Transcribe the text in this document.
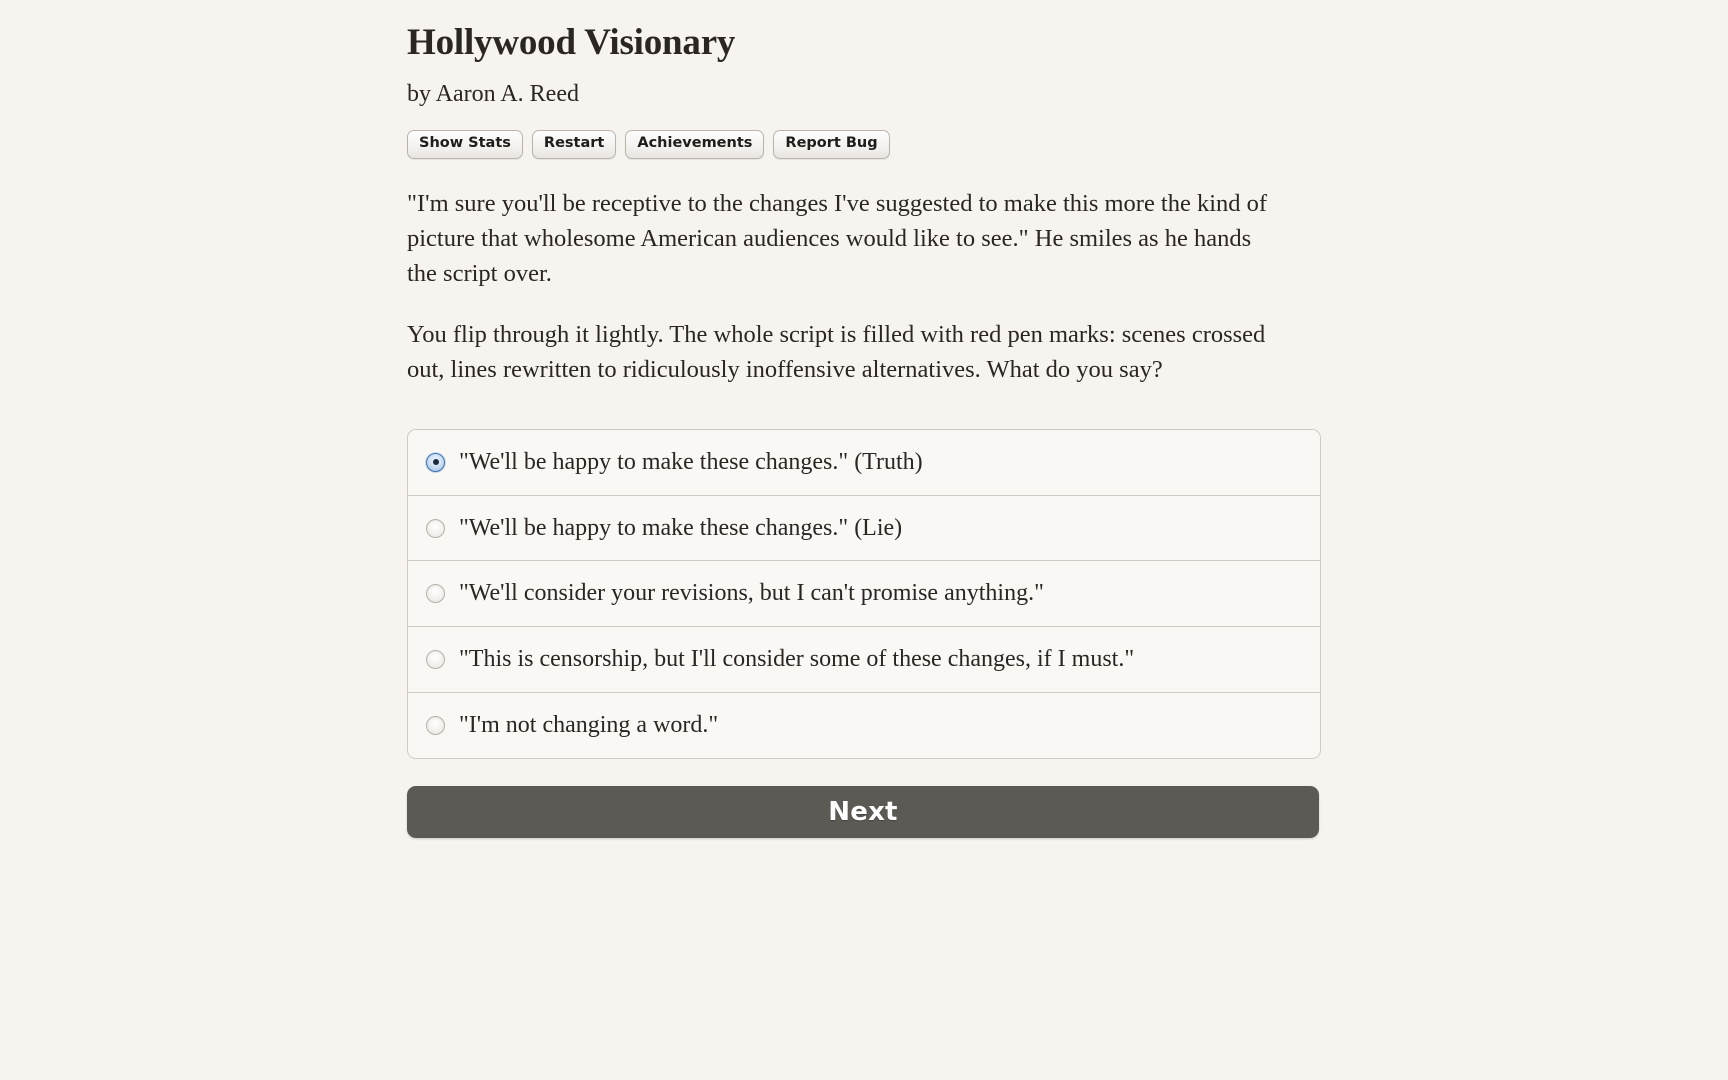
Hollywood Visionary
by Aaron A. Reed
Show Stats	Restart	Achievements	Report Bug

"I'm sure you'll be receptive to the changes I've suggested to make this more the kind of picture that wholesome American audiences would like to see." He smiles as he hands the script over.

You flip through it lightly. The whole script is filled with red pen marks: scenes crossed out, lines rewritten to ridiculously inoffensive alternatives. What do you say?

"We'll be happy to make these changes." (Truth)
"We'll be happy to make these changes." (Lie)
"We'll consider your revisions, but I can't promise anything."
"This is censorship, but I'll consider some of these changes, if I must."
"I'm not changing a word."
Next
